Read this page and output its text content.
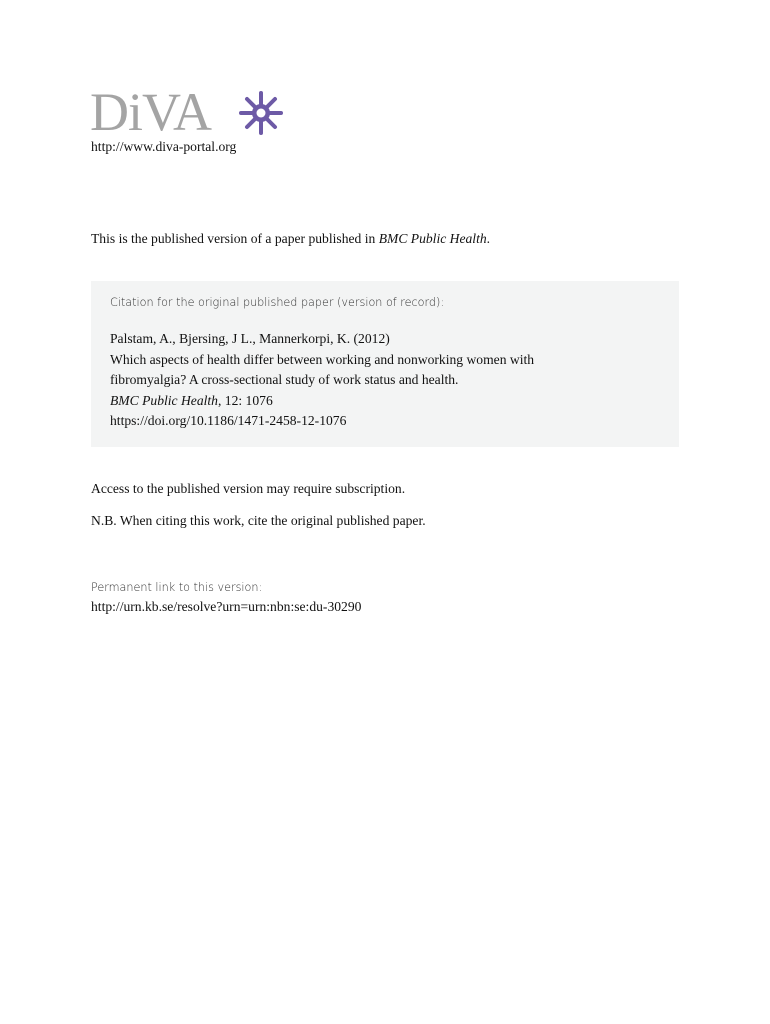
DiVA
http://www.diva-portal.org
This is the published version of a paper published in BMC Public Health.
Citation for the original published paper (version of record):
Palstam, A., Bjersing, J L., Mannerkorpi, K. (2012)
Which aspects of health differ between working and nonworking women with
fibromyalgia? A cross-sectional study of work status and health.
BMC Public Health, 12: 1076
https://doi.org/10.1186/1471-2458-12-1076
Access to the published version may require subscription.
N.B. When citing this work, cite the original published paper.
Permanent link to this version:
http://urn.kb.se/resolve?urn=urn:nbn:se:du-30290
